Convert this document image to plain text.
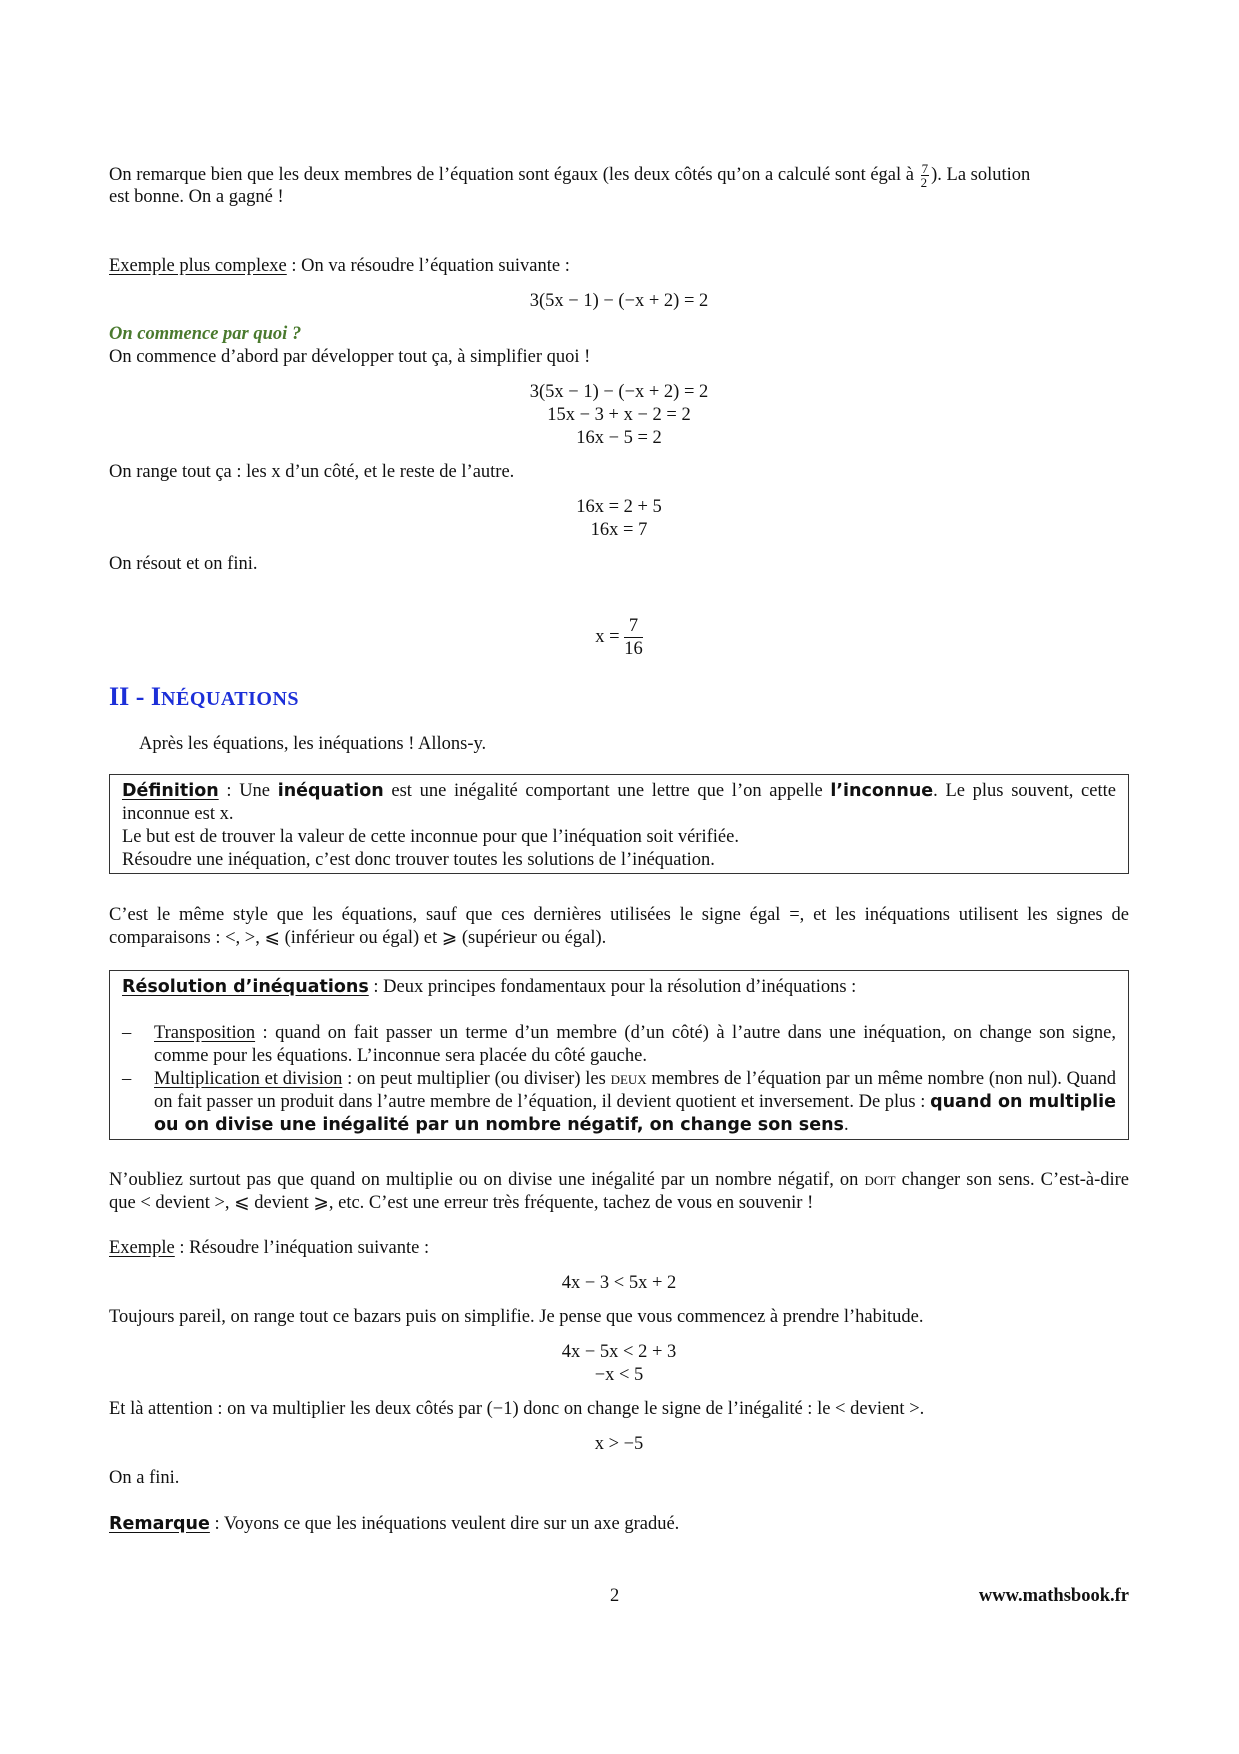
On remarque bien que les deux membres de l’équation sont égaux (les deux côtés qu’on a calculé sont égal à $\frac{7}{2}$ ). La solution

est bonne. On a gagné !

Exemple plus complexe : On va résoudre l’équation suivante :

3(5x − 1) − (−x + 2) = 2

On commence par quoi ?

On commence d’abord par développer tout ça, à simplifier quoi !

3(5x − 1) − (−x + 2) = 2

15x − 3 + x − 2 = 2

16x − 5 = 2

On range tout ça : les x d’un côté, et le reste de l’autre.

16x = 2 + 5

16x = 7

On résout et on fini.

$x = \frac{7}{16}$

II - INÉQUATIONS

Après les équations, les inéquations ! Allons-y.

Définition : Une inéquation est une inégalité comportant une lettre que l’on appelle l’inconnue. Le plus souvent, cette inconnue est x.
Le but est de trouver la valeur de cette inconnue pour que l’inéquation soit vérifiée.
Résoudre une inéquation, c’est donc trouver toutes les solutions de l’inéquation.

C’est le même style que les équations, sauf que ces dernières utilisées le signe égal =, et les inéquations utilisent les signes de comparaisons : <, >, ⩽ (inférieur ou égal) et ⩾ (supérieur ou égal).

Résolution d’inéquations : Deux principes fondamentaux pour la résolution d’inéquations :
– Transposition : quand on fait passer un terme d’un membre (d’un côté) à l’autre dans une inéquation, on change son signe, comme pour les équations. L’inconnue sera placée du côté gauche.
– Multiplication et division : on peut multiplier (ou diviser) les deux membres de l’équation par un même nombre (non nul). Quand on fait passer un produit dans l’autre membre de l’équation, il devient quotient et inversement. De plus : quand on multiplie ou on divise une inégalité par un nombre négatif, on change son sens.

N’oubliez surtout pas que quand on multiplie ou on divise une inégalité par un nombre négatif, on doit changer son sens. C’est-à-dire que < devient >, ⩽ devient ⩾, etc. C’est une erreur très fréquente, tachez de vous en souvenir !

Exemple : Résoudre l’inéquation suivante :

4x − 3 < 5x + 2

Toujours pareil, on range tout ce bazars puis on simplifie. Je pense que vous commencez à prendre l’habitude.

4x − 5x < 2 + 3

−x < 5

Et là attention : on va multiplier les deux côtés par (−1) donc on change le signe de l’inégalité : le < devient >.

x > −5

On a fini.

Remarque : Voyons ce que les inéquations veulent dire sur un axe gradué.

2	www.mathsbook.fr
